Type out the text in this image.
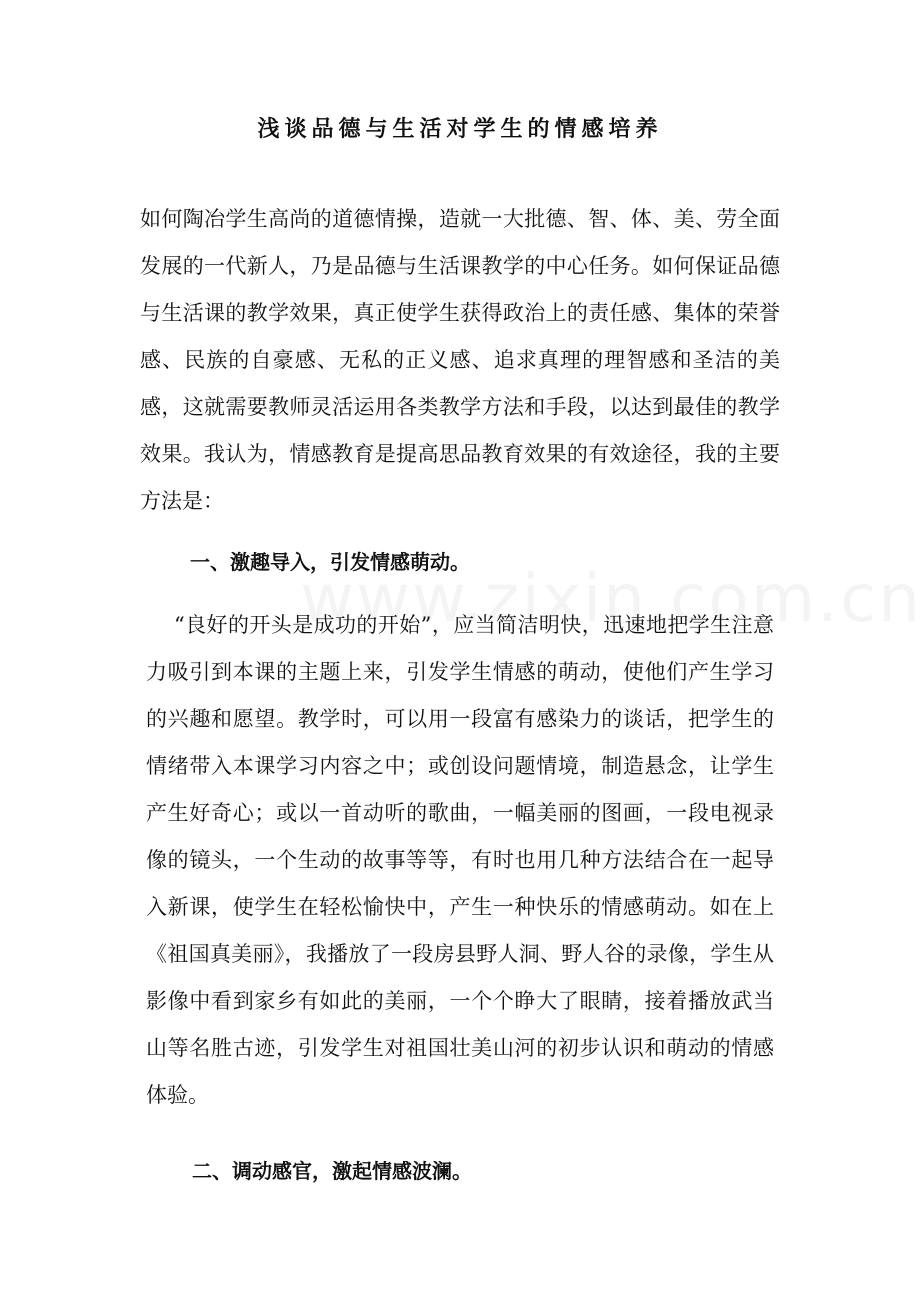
浅谈品德与生活对学生的情感培养

如何陶冶学生高尚的道德情操，造就一大批德、智、体、美、劳全面发展的一代新人，乃是品德与生活课教学的中心任务。如何保证品德与生活课的教学效果，真正使学生获得政治上的责任感、集体的荣誉感、民族的自豪感、无私的正义感、追求真理的理智感和圣洁的美感，这就需要教师灵活运用各类教学方法和手段，以达到最佳的教学效果。我认为，情感教育是提高思品教育效果的有效途径，我的主要方法是：

一、激趣导入，引发情感萌动。

“良好的开头是成功的开始”，应当简洁明快，迅速地把学生注意力吸引到本课的主题上来，引发学生情感的萌动，使他们产生学习的兴趣和愿望。教学时，可以用一段富有感染力的谈话，把学生的情绪带入本课学习内容之中；或创设问题情境，制造悬念，让学生产生好奇心；或以一首动听的歌曲，一幅美丽的图画，一段电视录像的镜头，一个生动的故事等等，有时也用几种方法结合在一起导入新课，使学生在轻松愉快中，产生一种快乐的情感萌动。如在上《祖国真美丽》，我播放了一段房县野人洞、野人谷的录像，学生从影像中看到家乡有如此的美丽，一个个睁大了眼睛，接着播放武当山等名胜古迹，引发学生对祖国壮美山河的初步认识和萌动的情感体验。

二、调动感官，激起情感波澜。
